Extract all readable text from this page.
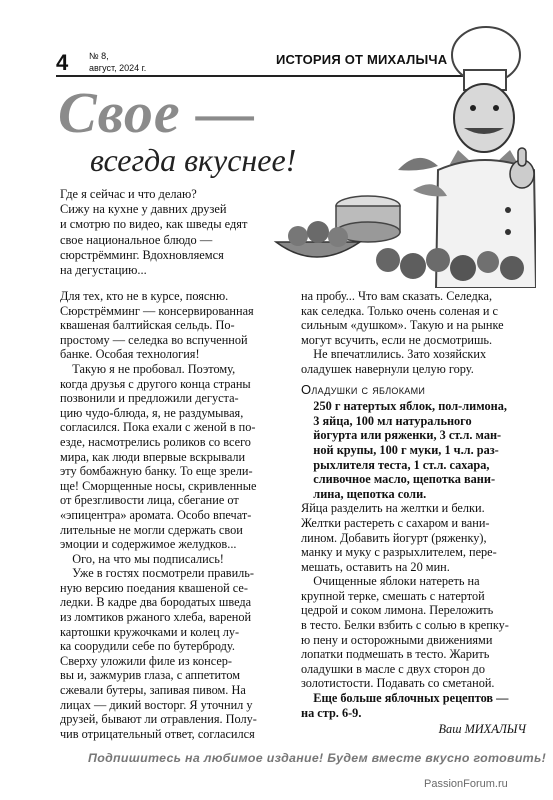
4 № 8,
август, 2024 г.
ИСТОРИЯ ОТ МИХАЛЫЧА
Свое —
всегда вкуснее!
Где я сейчас и что делаю?
Сижу на кухне у давних друзей
и смотрю по видео, как шведы едят
свое национальное блюдо —
сюрстрёмминг. Вдохновляемся
на дегустацию...
Для тех, кто не в курсе, поясню.
Сюрстрёмминг — консервированная
квашеная балтийская сельдь. По-
простому — селедка во вспученной
банке. Особая технология!
Такую я не пробовал. Поэтому,
когда друзья с другого конца страны
позвонили и предложили дегуста-
цию чудо-блюда, я, не раздумывая,
согласился. Пока ехали с женой в по-
езде, насмотрелись роликов со всего
мира, как люди впервые вскрывали
эту бомбажную банку. То еще зрели-
ще! Сморщенные носы, скривленные
от брезгливости лица, сбегание от
«эпицентра» аромата. Особо впечат-
лительные не могли сдержать свои
эмоции и содержимое желудков...
Ого, на что мы подписались!
Уже в гостях посмотрели правиль-
ную версию поедания квашеной се-
ледки. В кадре два бородатых шведа
из ломтиков ржаного хлеба, вареной
картошки кружочками и колец лу-
ка соорудили себе по бутерброду.
Сверху уложили филе из консер-
вы и, зажмурив глаза, с аппетитом
сжевали бутеры, запивая пивом. На
лицах — дикий восторг. Я уточнил у
друзей, бывают ли отравления. Полу-
чив отрицательный ответ, согласился
на пробу... Что вам сказать. Селедка,
как селедка. Только очень соленая и с
сильным «душком». Такую и на рынке
могут всучить, если не досмотришь.
Не впечатлились. Зато хозяйских
оладушек навернули целую гору.
Оладушки с яблоками
250 г натертых яблок, пол-лимона,
3 яйца, 100 мл натурального
йогурта или ряженки, 3 ст.л. ман-
ной крупы, 100 г муки, 1 ч.л. раз-
рыхлителя теста, 1 ст.л. сахара,
сливочное масло, щепотка вани-
лина, щепотка соли.
Яйца разделить на желтки и белки.
Желтки растереть с сахаром и вани-
лином. Добавить йогурт (ряженку),
манку и муку с разрыхлителем, пере-
мешать, оставить на 20 мин.
Очищенные яблоки натереть на
крупной терке, смешать с натертой
цедрой и соком лимона. Переложить
в тесто. Белки взбить с солью в крепку-
ю пену и осторожными движениями
лопатки подмешать в тесто. Жарить
оладушки в масле с двух сторон до
золотистости. Подавать со сметаной.
Еще больше яблочных рецептов —
на стр. 6-9.
Ваш МИХАЛЫЧ
Подпишитесь на любимое издание! Будем вместе вкусно готовить!
PassionForum.ru
